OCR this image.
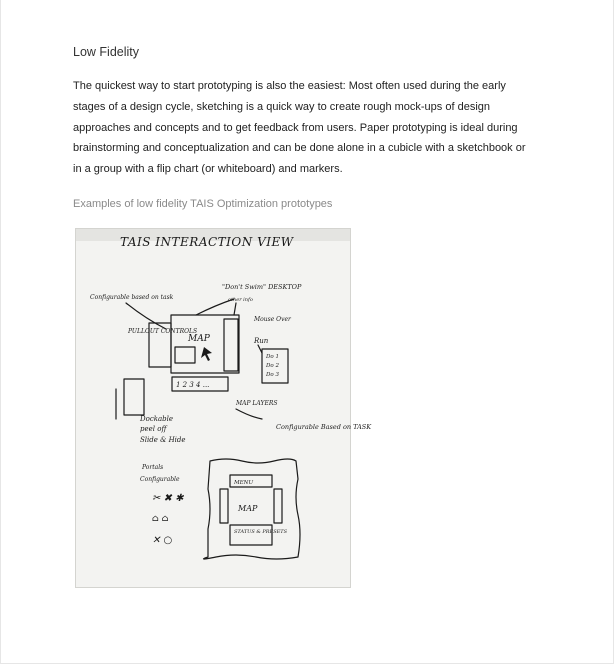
Low Fidelity

The quickest way to start prototyping is also the easiest: Most often used during the early
stages of a design cycle, sketching is a quick way to create rough mock-ups of design
approaches and concepts and to get feedback from users. Paper prototyping is ideal during
brainstorming and conceptualization and can be done alone in a cubicle with a sketchbook or
in a group with a flip chart (or whiteboard) and markers.

Examples of low fidelity TAIS Optimization prototypes
TAIS INTERACTION VIEW
Configurable based on task
"Don't Swim" DESKTOP
other info
MAP
PULLOUT CONTROLS
1 2 3 4 ...
Mouse Over
Run
Do 1
Do 2
Do 3
MAP LAYERS
Dockable
peel off
Slide & Hide
Configurable Based on TASK
Portals
Configurable
✂ ✖ ✱
⌂ ⌂
✕ ○
MENU
MAP
STATUS & PRESETS
